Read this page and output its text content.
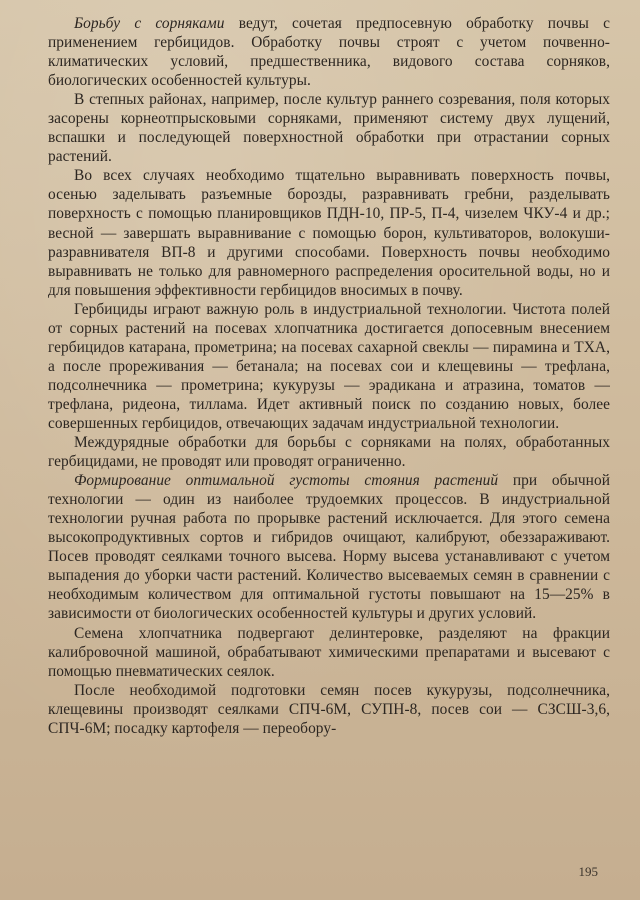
Борьбу с сорняками ведут, сочетая предпосевную обработку почвы с применением гербицидов. Обработку почвы строят с учетом почвенно-климатических условий, предшественника, видового состава сорняков, биологических особенностей культуры.

В степных районах, например, после культур раннего созревания, поля которых засорены корнеотпрысковыми сорняками, применяют систему двух лущений, вспашки и последующей поверхностной обработки при отрастании сорных растений.

Во всех случаях необходимо тщательно выравнивать поверхность почвы, осенью заделывать разъемные борозды, разравнивать гребни, разделывать поверхность с помощью планировщиков ПДН-10, ПР-5, П-4, чизелем ЧКУ-4 и др.; весной — завершать выравнивание с помощью борон, культиваторов, волокуши-разравнивателя ВП-8 и другими способами. Поверхность почвы необходимо выравнивать не только для равномерного распределения оросительной воды, но и для повышения эффективности гербицидов вносимых в почву.

Гербициды играют важную роль в индустриальной технологии. Чистота полей от сорных растений на посевах хлопчатника достигается допосевным внесением гербицидов катарана, прометрина; на посевах сахарной свеклы — пирамина и ТХА, а после прореживания — бетанала; на посевах сои и клещевины — трефлана, подсолнечника — прометрина; кукурузы — эрадикана и атразина, томатов — трефлана, ридеона, тиллама. Идет активный поиск по созданию новых, более совершенных гербицидов, отвечающих задачам индустриальной технологии.

Междурядные обработки для борьбы с сорняками на полях, обработанных гербицидами, не проводят или проводят ограниченно.

Формирование оптимальной густоты стояния растений при обычной технологии — один из наиболее трудоемких процессов. В индустриальной технологии ручная работа по прорывке растений исключается. Для этого семена высокопродуктивных сортов и гибридов очищают, калибруют, обеззараживают. Посев проводят сеялками точного высева. Норму высева устанавливают с учетом выпадения до уборки части растений. Количество высеваемых семян в сравнении с необходимым количеством для оптимальной густоты повышают на 15—25% в зависимости от биологических особенностей культуры и других условий.

Семена хлопчатника подвергают делинтеровке, разделяют на фракции калибровочной машиной, обрабатывают химическими препаратами и высевают с помощью пневматических сеялок.

После необходимой подготовки семян посев кукурузы, подсолнечника, клещевины производят сеялками СПЧ-6М, СУПН-8, посев сои — СЗСШ-3,6, СПЧ-6М; посадку картофеля — переобору-

195
